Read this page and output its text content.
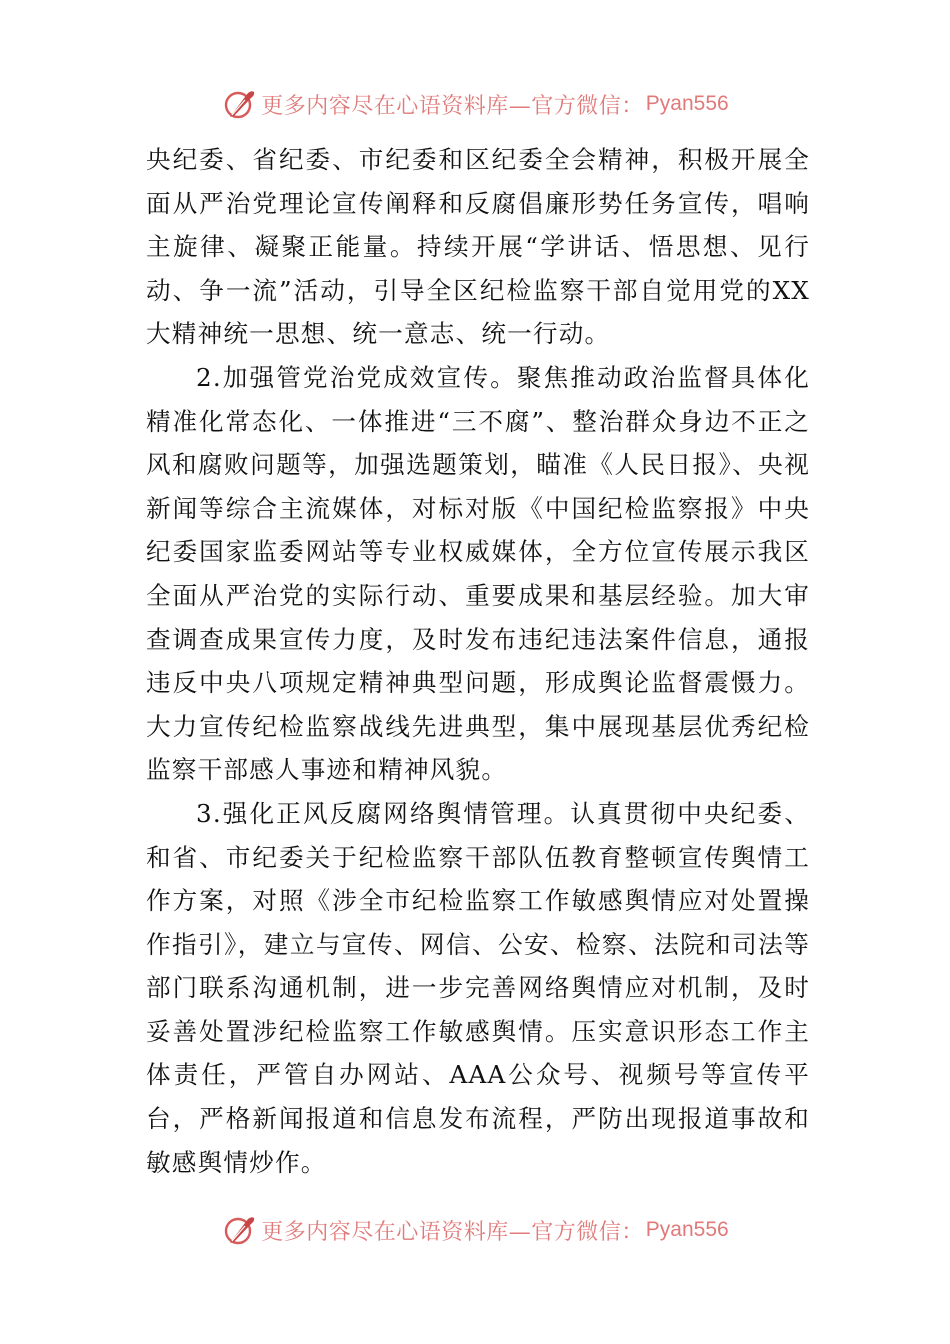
更多内容尽在心语资料库—官方微信： Pyan556

央纪委、省纪委、市纪委和区纪委全会精神，积极开展全面从严治党理论宣传阐释和反腐倡廉形势任务宣传，唱响主旋律、凝聚正能量。持续开展“学讲话、悟思想、见行动、争一流”活动，引导全区纪检监察干部自觉用党的XX大精神统一思想、统一意志、统一行动。

2.加强管党治党成效宣传。聚焦推动政治监督具体化精准化常态化、一体推进“三不腐”、整治群众身边不正之风和腐败问题等，加强选题策划，瞄准《人民日报》、央视新闻等综合主流媒体，对标对版《中国纪检监察报》中央纪委国家监委网站等专业权威媒体，全方位宣传展示我区全面从严治党的实际行动、重要成果和基层经验。加大审查调查成果宣传力度，及时发布违纪违法案件信息，通报违反中央八项规定精神典型问题，形成舆论监督震慑力。大力宣传纪检监察战线先进典型，集中展现基层优秀纪检监察干部感人事迹和精神风貌。

3.强化正风反腐网络舆情管理。认真贯彻中央纪委、和省、市纪委关于纪检监察干部队伍教育整顿宣传舆情工作方案，对照《涉全市纪检监察工作敏感舆情应对处置操作指引》，建立与宣传、网信、公安、检察、法院和司法等部门联系沟通机制，进一步完善网络舆情应对机制，及时妥善处置涉纪检监察工作敏感舆情。压实意识形态工作主体责任，严管自办网站、AAA公众号、视频号等宣传平台，严格新闻报道和信息发布流程，严防出现报道事故和敏感舆情炒作。

更多内容尽在心语资料库—官方微信： Pyan556
